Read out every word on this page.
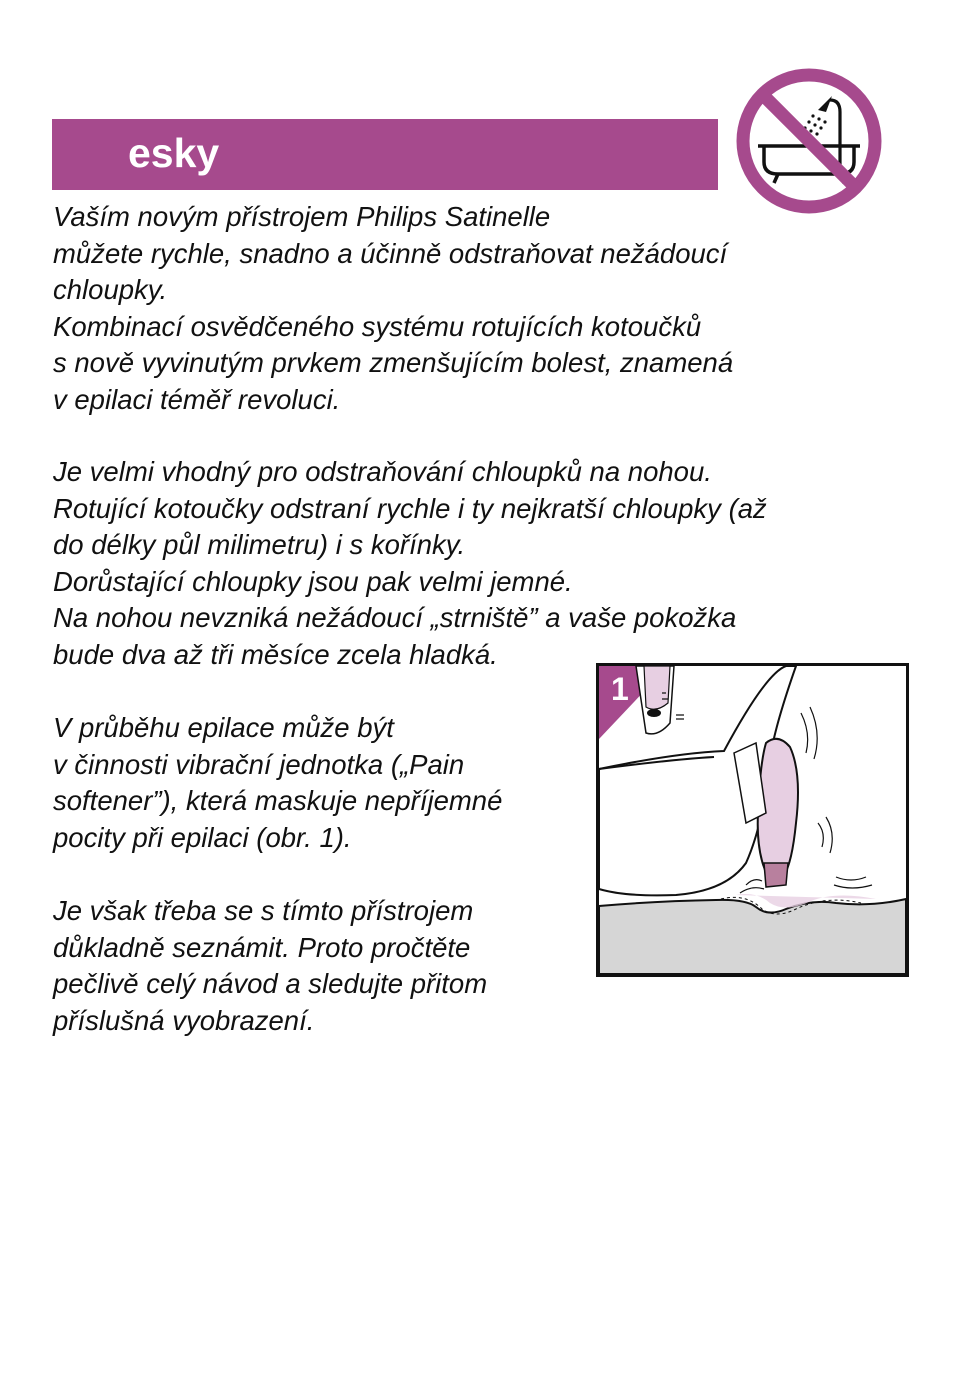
esky

Vaším novým přístrojem Philips Satinelle
můžete rychle, snadno a účinně odstraňovat nežádoucí
chloupky.
Kombinací osvědčeného systému rotujících kotoučků
s nově vyvinutým prvkem zmenšujícím bolest, znamená
v epilaci téměř revoluci.

Je velmi vhodný pro odstraňování chloupků na nohou.
Rotující kotoučky odstraní rychle i ty nejkratší chloupky (až
do délky půl milimetru) i s kořínky.
Dorůstající chloupky jsou pak velmi jemné.
Na nohou nevzniká nežádoucí „strniště” a vaše pokožka
bude dva až tři měsíce zcela hladká.

V průběhu epilace může být
v činnosti vibrační jednotka („Pain
softener”), která maskuje nepříjemné
pocity při epilaci (obr. 1).

Je však třeba se s tímto přístrojem
důkladně seznámit. Proto pročtěte
pečlivě celý návod a sledujte přitom
příslušná vyobrazení.

1
